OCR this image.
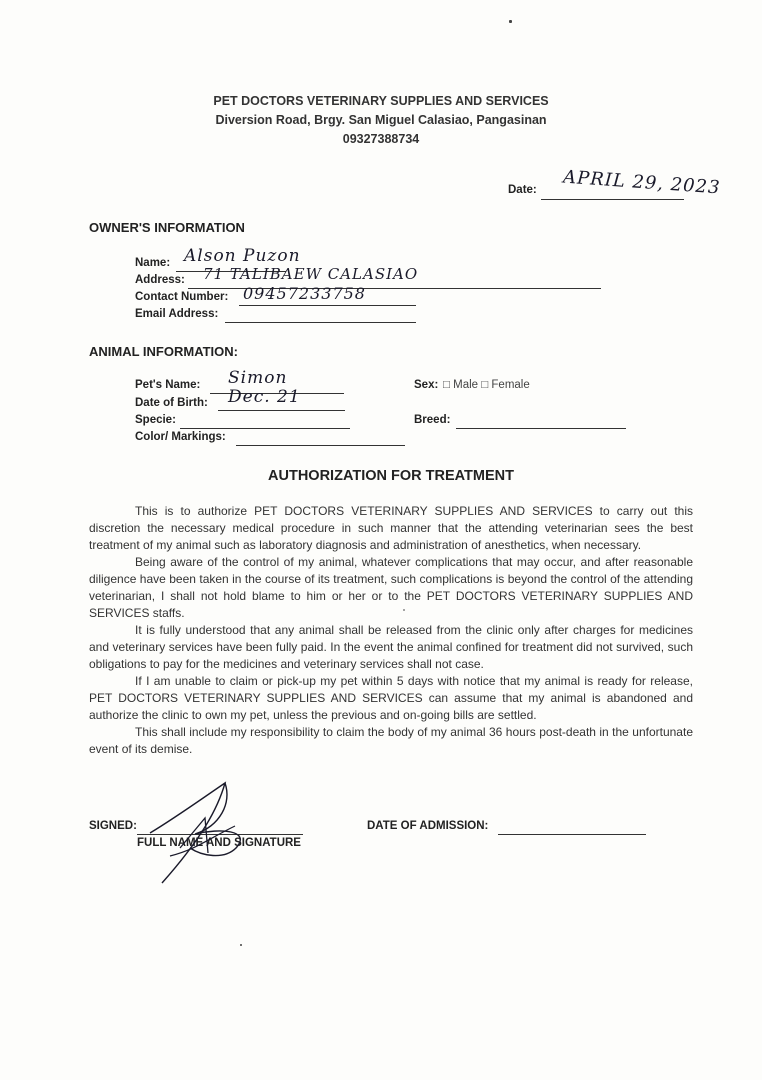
PET DOCTORS VETERINARY SUPPLIES AND SERVICES
Diversion Road, Brgy. San Miguel Calasiao, Pangasinan
09327388734
Date: APRIL 29, 2023
OWNER'S INFORMATION
Name: Alson Puzon
Address: 71 TALIBAEW CALASIAO
Contact Number: 09457233758
Email Address:
ANIMAL INFORMATION:
Pet's Name: Simon
Date of Birth: Dec. 21
Specie:
Color/ Markings:
Sex: □ Male □ Female
Breed:
AUTHORIZATION FOR TREATMENT

This is to authorize PET DOCTORS VETERINARY SUPPLIES AND SERVICES to carry out this discretion the necessary medical procedure in such manner that the attending veterinarian sees the best treatment of my animal such as laboratory diagnosis and administration of anesthetics, when necessary.

Being aware of the control of my animal, whatever complications that may occur, and after reasonable diligence have been taken in the course of its treatment, such complications is beyond the control of the attending veterinarian, I shall not hold blame to him or her or to the PET DOCTORS VETERINARY SUPPLIES AND SERVICES staffs.

It is fully understood that any animal shall be released from the clinic only after charges for medicines and veterinary services have been fully paid. In the event the animal confined for treatment did not survived, such obligations to pay for the medicines and veterinary services shall not case.

If I am unable to claim or pick-up my pet within 5 days with notice that my animal is ready for release, PET DOCTORS VETERINARY SUPPLIES AND SERVICES can assume that my animal is abandoned and authorize the clinic to own my pet, unless the previous and on-going bills are settled.

This shall include my responsibility to claim the body of my animal 36 hours post-death in the unfortunate event of its demise.

SIGNED:
FULL NAME AND SIGNATURE
DATE OF ADMISSION:
